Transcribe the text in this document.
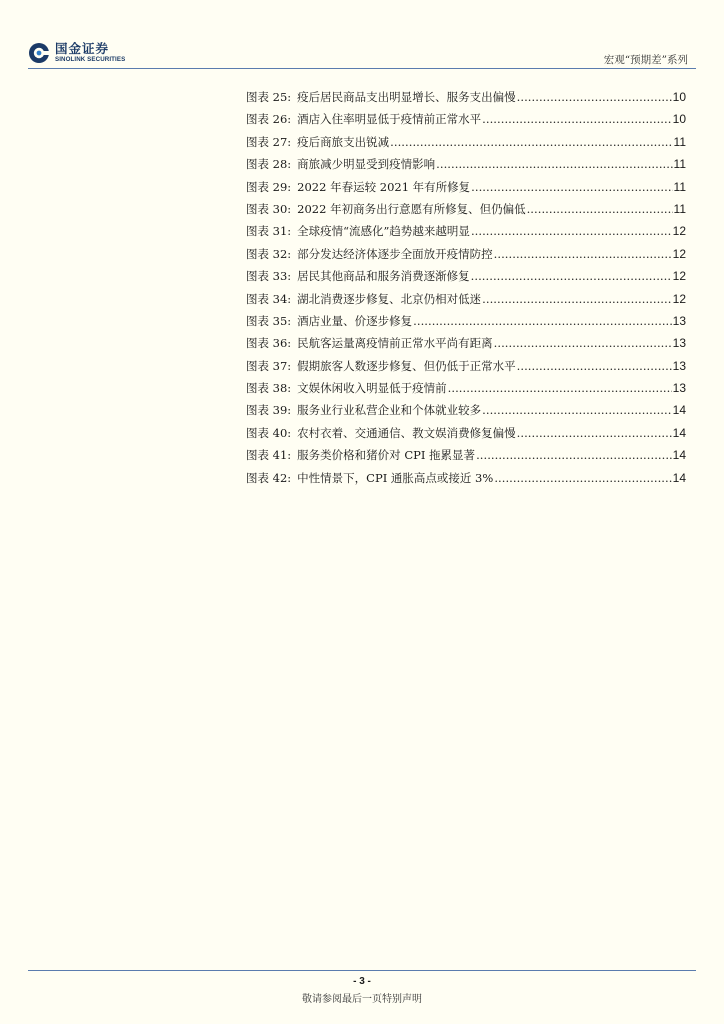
国金证券
SINOLINK SECURITIES	宏观“预期差”系列
图表 25: 疫后居民商品支出明显增长、服务支出偏慢 . . .	10
图表 26: 酒店入住率明显低于疫情前正常水平 . . .	10
图表 27: 疫后商旅支出锐减 . . .	11
图表 28: 商旅减少明显受到疫情影响 . . .	11
图表 29: 2022 年春运较 2021 年有所修复 . . .	11
图表 30: 2022 年初商务出行意愿有所修复、但仍偏低 . . .	11
图表 31: 全球疫情“流感化”趋势越来越明显 . . .	12
图表 32: 部分发达经济体逐步全面放开疫情防控 . . .	12
图表 33: 居民其他商品和服务消费逐渐修复 . . .	12
图表 34: 湖北消费逐步修复、北京仍相对低迷 . . .	12
图表 35: 酒店业量、价逐步修复 . . .	13
图表 36: 民航客运量离疫情前正常水平尚有距离 . . .	13
图表 37: 假期旅客人数逐步修复、但仍低于正常水平 . . .	13
图表 38: 文娱休闲收入明显低于疫情前 . . .	13
图表 39: 服务业行业私营企业和个体就业较多 . . .	14
图表 40: 农村衣着、交通通信、教文娱消费修复偏慢 . . .	14
图表 41: 服务类价格和猪价对 CPI 拖累显著 . . .	14
图表 42: 中性情景下，CPI 通胀高点或接近 3% . . .	14
- 3 -
敬请参阅最后一页特别声明
